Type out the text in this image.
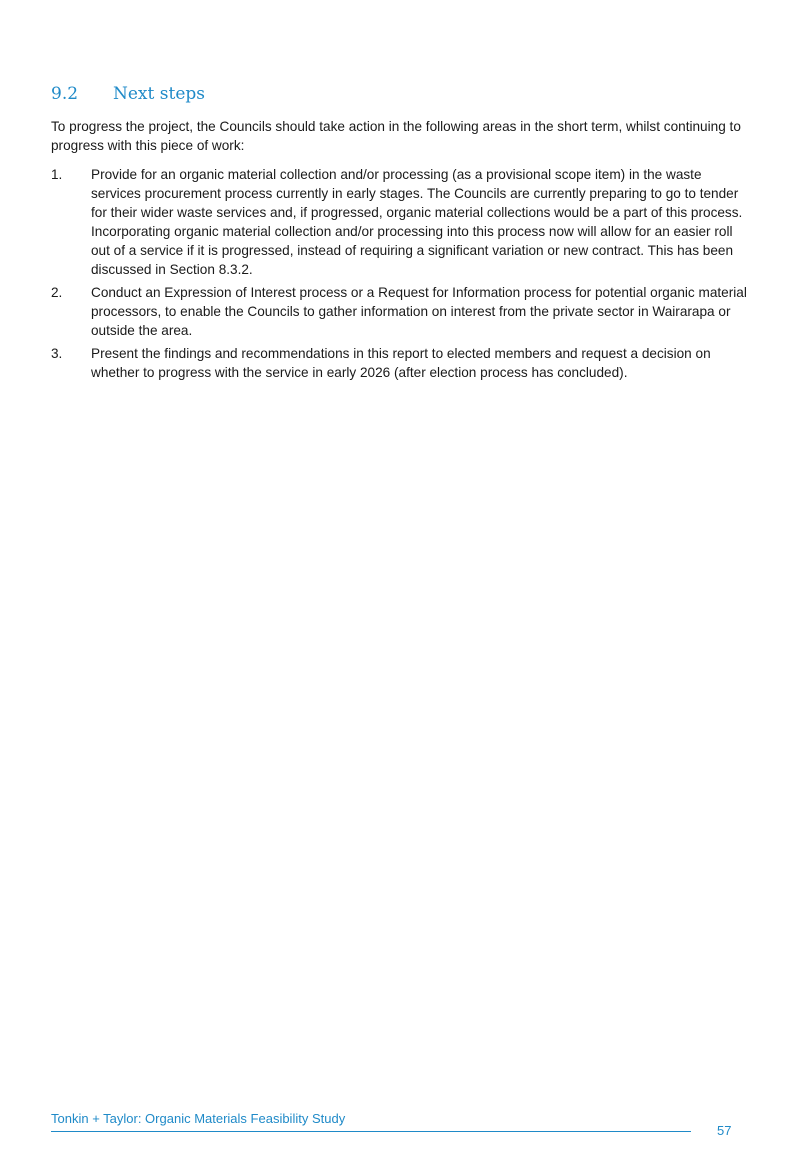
9.2	Next steps

To progress the project, the Councils should take action in the following areas in the short term, whilst continuing to progress with this piece of work:

1.	Provide for an organic material collection and/or processing (as a provisional scope item) in the waste services procurement process currently in early stages. The Councils are currently preparing to go to tender for their wider waste services and, if progressed, organic material collections would be a part of this process. Incorporating organic material collection and/or processing into this process now will allow for an easier roll out of a service if it is progressed, instead of requiring a significant variation or new contract. This has been discussed in Section 8.3.2.
2.	Conduct an Expression of Interest process or a Request for Information process for potential organic material processors, to enable the Councils to gather information on interest from the private sector in Wairarapa or outside the area.
3.	Present the findings and recommendations in this report to elected members and request a decision on whether to progress with the service in early 2026 (after election process has concluded).
Tonkin + Taylor: Organic Materials Feasibility Study
57
